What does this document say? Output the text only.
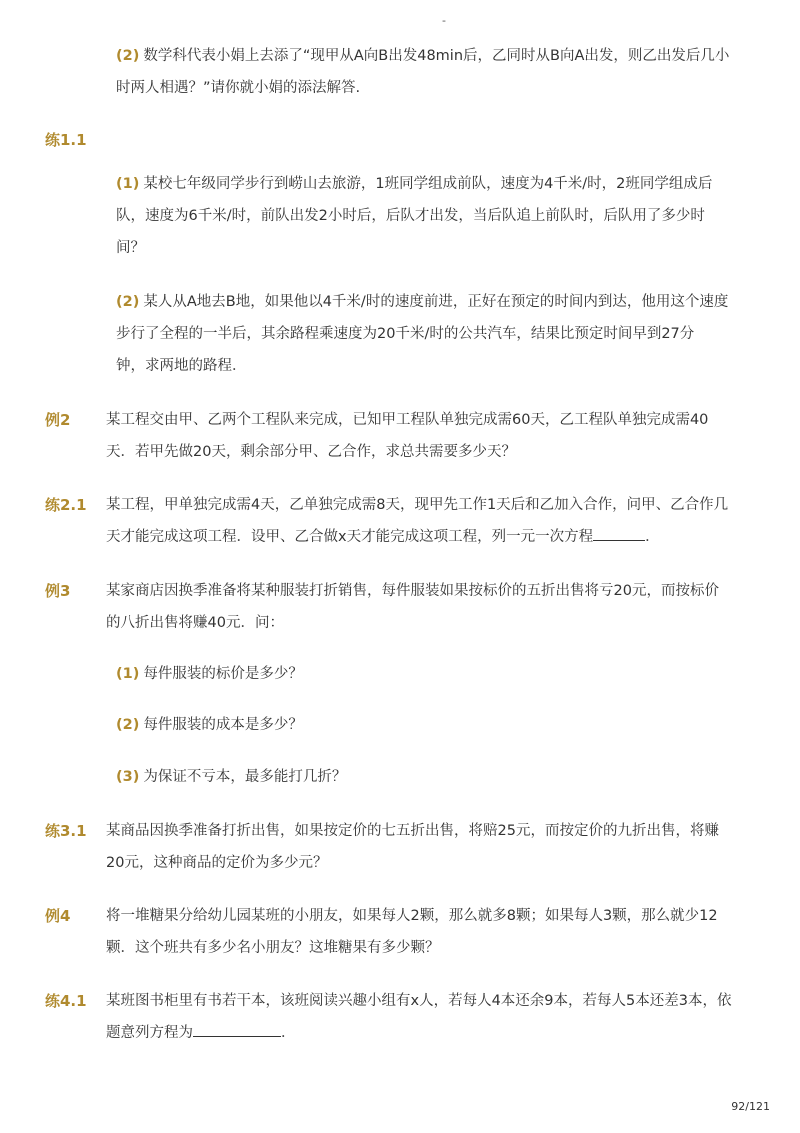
-
(2) 数学科代表小娟上去添了“现甲从A向B出发48min后，乙同时从B向A出发，则乙出发后几小
时两人相遇？”请你就小娟的添法解答.
练1.1
(1) 某校七年级同学步行到崂山去旅游，1班同学组成前队，速度为4千米/时，2班同学组成后
队，速度为6千米/时，前队出发2小时后，后队才出发，当后队追上前队时，后队用了多少时
间？
(2) 某人从A地去B地，如果他以4千米/时的速度前进，正好在预定的时间内到达，他用这个速度
步行了全程的一半后，其余路程乘速度为20千米/时的公共汽车，结果比预定时间早到27分
钟，求两地的路程．
例2 某工程交由甲、乙两个工程队来完成，已知甲工程队单独完成需60天，乙工程队单独完成需40
天．若甲先做20天，剩余部分甲、乙合作，求总共需要多少天？
练2.1 某工程，甲单独完成需4天，乙单独完成需8天，现甲先工作1天后和乙加入合作，问甲、乙合作几
天才能完成这项工程．设甲、乙合做x天才能完成这项工程，列一元一次方程	．
例3 某家商店因换季准备将某种服装打折销售，每件服装如果按标价的五折出售将亏20元，而按标价
的八折出售将赚40元．问：
(1) 每件服装的标价是多少？
(2) 每件服装的成本是多少？
(3) 为保证不亏本，最多能打几折？
练3.1 某商品因换季准备打折出售，如果按定价的七五折出售，将赔25元，而按定价的九折出售，将赚
20元，这种商品的定价为多少元？
例4 将一堆糖果分给幼儿园某班的小朋友，如果每人2颗，那么就多8颗；如果每人3颗，那么就少12
颗．这个班共有多少名小朋友？这堆糖果有多少颗？
练4.1 某班图书柜里有书若干本，该班阅读兴趣小组有x人，若每人4本还余9本，若每人5本还差3本，依
题意列方程为	．
92/121
